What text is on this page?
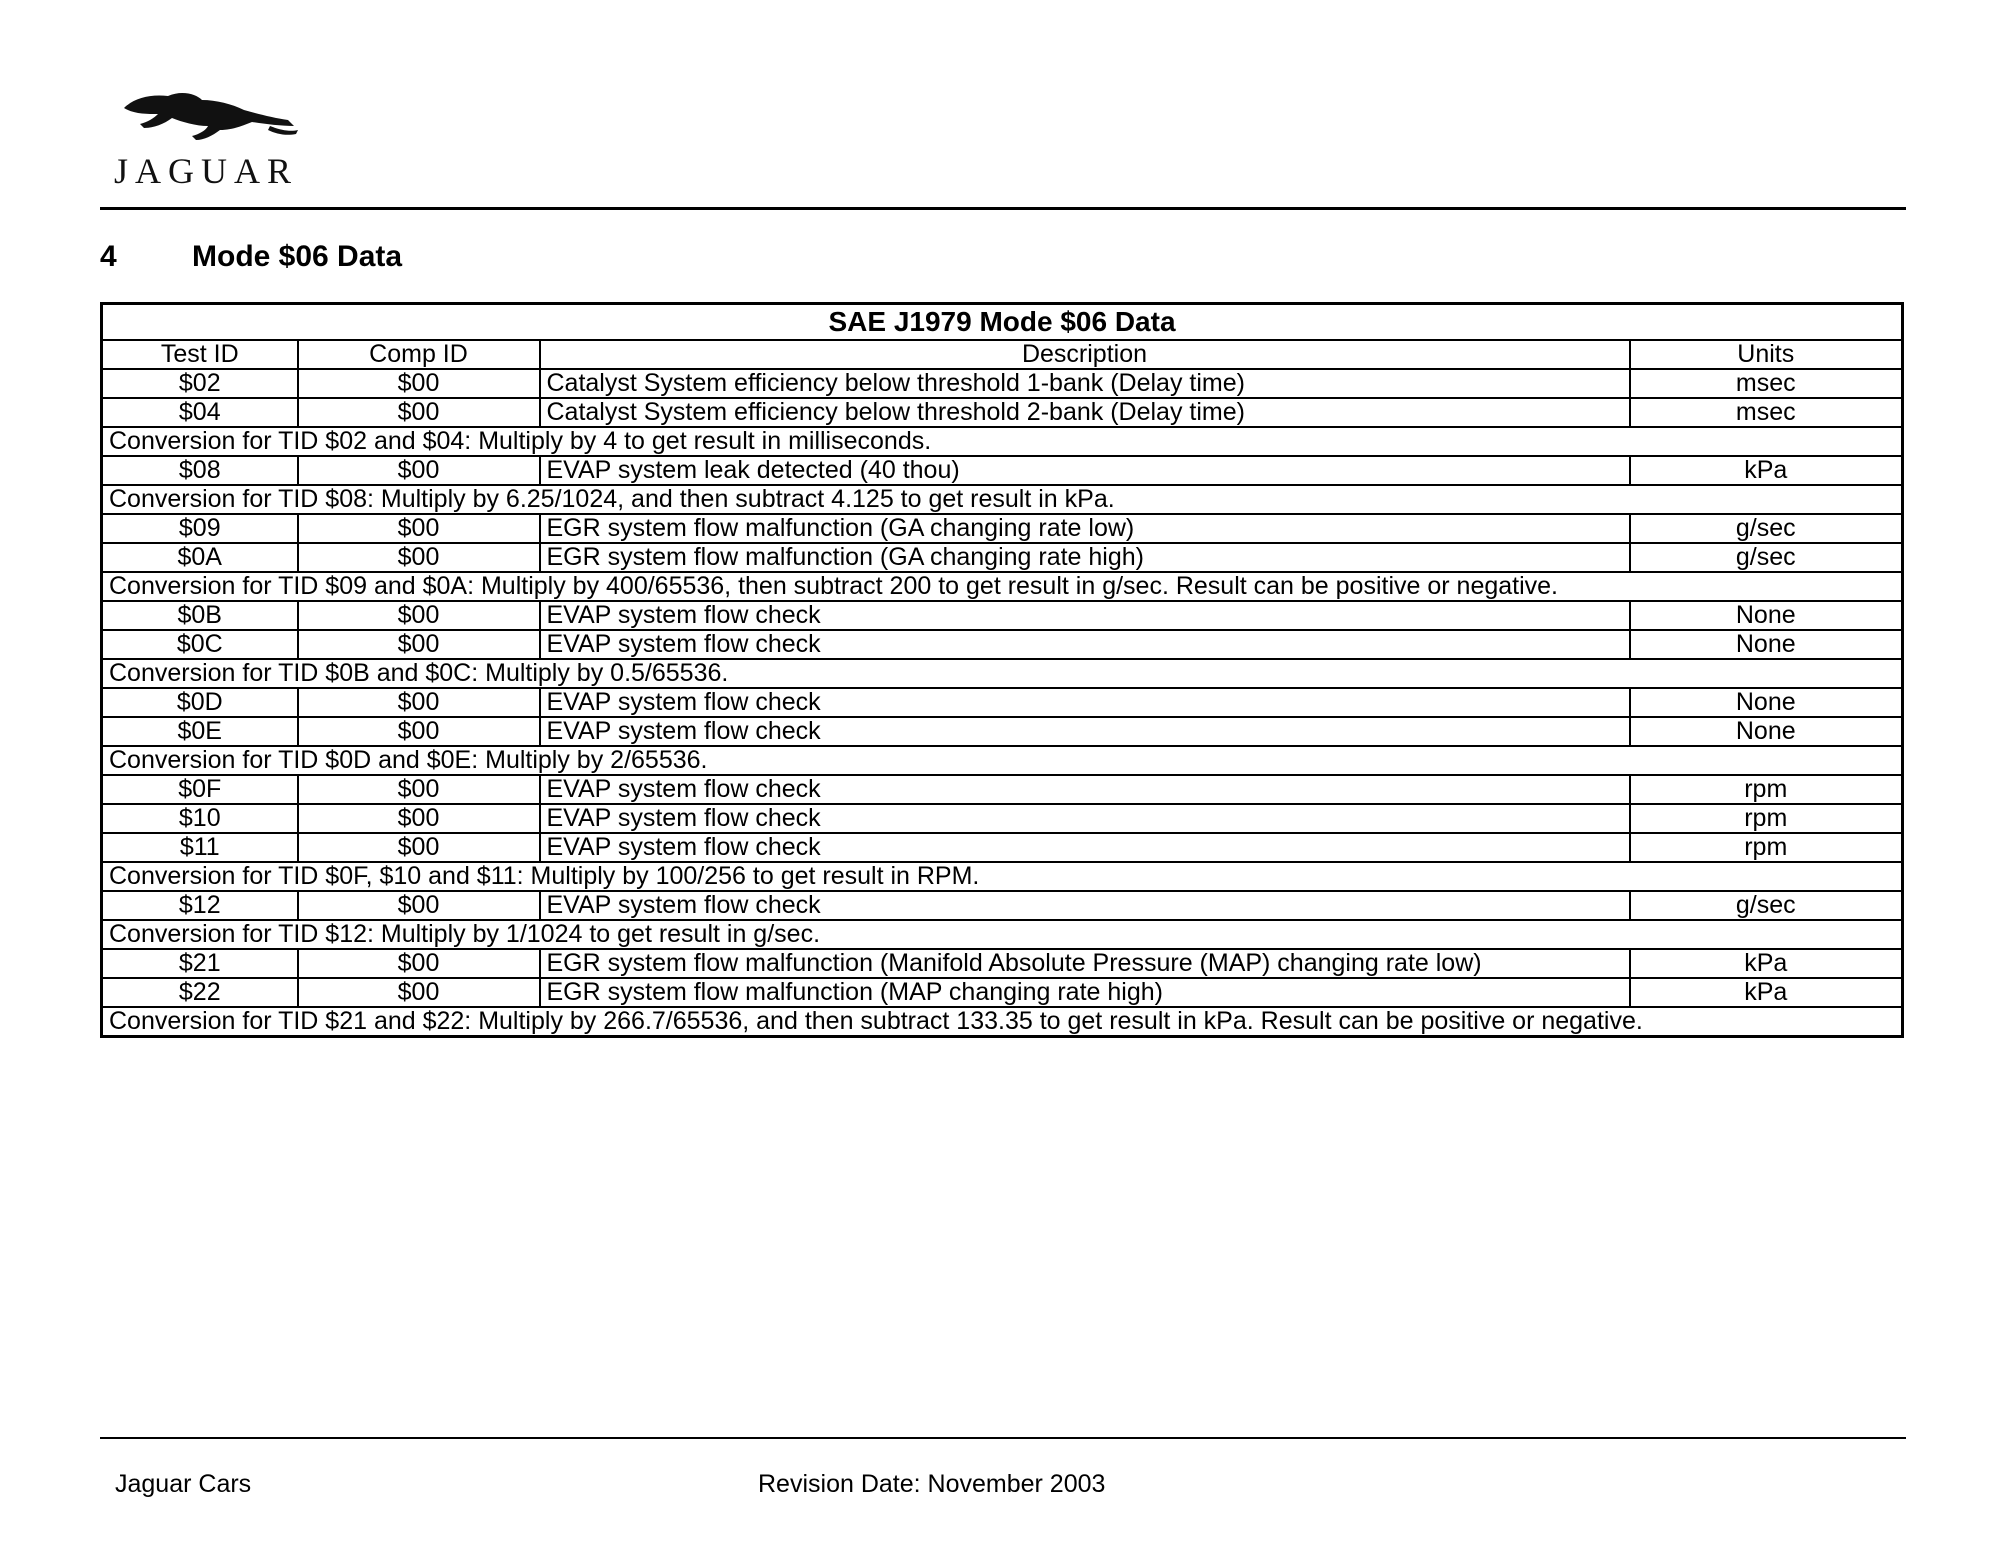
JAGUAR
4	Mode $06 Data
SAE J1979 Mode $06 Data			
Test ID	Comp ID	Description	Units
$02	$00	Catalyst System efficiency below threshold 1-bank (Delay time)	msec
$04	$00	Catalyst System efficiency below threshold 2-bank (Delay time)	msec
Conversion for TID $02 and $04: Multiply by 4 to get result in milliseconds.			
$08	$00	EVAP system leak detected (40 thou)	kPa
Conversion for TID $08: Multiply by 6.25/1024, and then subtract 4.125 to get result in kPa.			
$09	$00	EGR system flow malfunction (GA changing rate low)	g/sec
$0A	$00	EGR system flow malfunction (GA changing rate high)	g/sec
Conversion for TID $09 and $0A: Multiply by 400/65536, then subtract 200 to get result in g/sec. Result can be positive or negative.			
$0B	$00	EVAP system flow check	None
$0C	$00	EVAP system flow check	None
Conversion for TID $0B and $0C: Multiply by 0.5/65536.			
$0D	$00	EVAP system flow check	None
$0E	$00	EVAP system flow check	None
Conversion for TID $0D and $0E: Multiply by 2/65536.			
$0F	$00	EVAP system flow check	rpm
$10	$00	EVAP system flow check	rpm
$11	$00	EVAP system flow check	rpm
Conversion for TID $0F, $10 and $11: Multiply by 100/256 to get result in RPM.			
$12	$00	EVAP system flow check	g/sec
Conversion for TID $12: Multiply by 1/1024 to get result in g/sec.			
$21	$00	EGR system flow malfunction (Manifold Absolute Pressure (MAP) changing rate low)	kPa
$22	$00	EGR system flow malfunction (MAP changing rate high)	kPa
Conversion for TID $21 and $22: Multiply by 266.7/65536, and then subtract 133.35 to get result in kPa. Result can be positive or negative.			
Jaguar Cars	Revision Date: November 2003
